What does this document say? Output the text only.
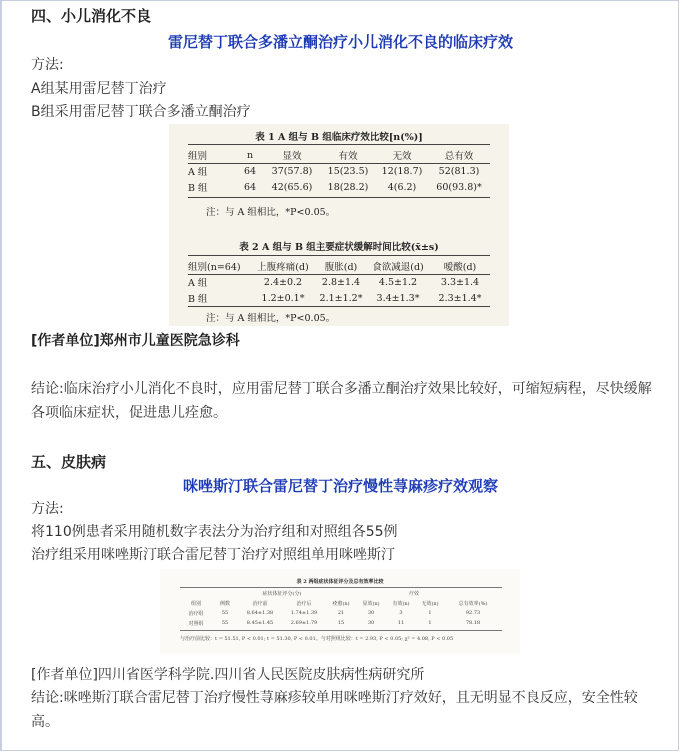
四、小儿消化不良
雷尼替丁联合多潘立酮治疗小儿消化不良的临床疗效
方法:
A组某用雷尼替丁治疗
B组采用雷尼替丁联合多潘立酮治疗
表 1 A 组与 B 组临床疗效比较[n(%)]
组别	n	显效	有效	无效	总有效
A 组	64	37(57.8)	15(23.5)	12(18.7)	52(81.3)
B 组	64	42(65.6)	18(28.2)	4(6.2)	60(93.8)*
注：与 A 组相比，*P<0.05。
表 2 A 组与 B 组主要症状缓解时间比较(x̄±s)
组别(n=64)	上腹疼痛(d)	腹胀(d)	食欲减退(d)	嗳酸(d)
A 组	2.4±0.2	2.8±1.4	4.5±1.2	3.3±1.4
B 组	1.2±0.1*	2.1±1.2*	3.4±1.3*	2.3±1.4*
注：与 A 组相比，*P<0.05。
[作者单位]郑州市儿童医院急诊科
结论:临床治疗小儿消化不良时，应用雷尼替丁联合多潘立酮治疗效果比较好，可缩短病程，尽快缓解各项临床症状，促进患儿痊愈。
五、皮肤病
咪唑斯汀联合雷尼替丁治疗慢性荨麻疹疗效观察
方法:
将110例患者采用随机数字表法分为治疗组和对照组各55例
治疗组采用咪唑斯汀联合雷尼替丁治疗对照组单用咪唑斯汀
表 2 两组症状体征评分及总有效率比较
		症状体征评分(分)		疗效				
组别	例数	治疗前	治疗后	痊愈(n)	显效(n)	有效(n)	无效(n)	总有效率(%)
治疗组	55	8.64±1.38	1.74±1.39	21	30	3	1	92.73
对照组	55	8.45±1.45	2.69±1.79	15	30	11	1	78.18
与治疗前比较：t = 51.51, P < 0.01; t = 51.30, P < 0.01。与对照组比较：t = 2.93, P < 0.05; χ² = 4.08, P < 0.05
[作者单位]四川省医学科学院.四川省人民医院皮肤病性病研究所
结论:咪唑斯汀联合雷尼替丁治疗慢性荨麻疹较单用咪唑斯汀疗效好，且无明显不良反应，安全性较高。
